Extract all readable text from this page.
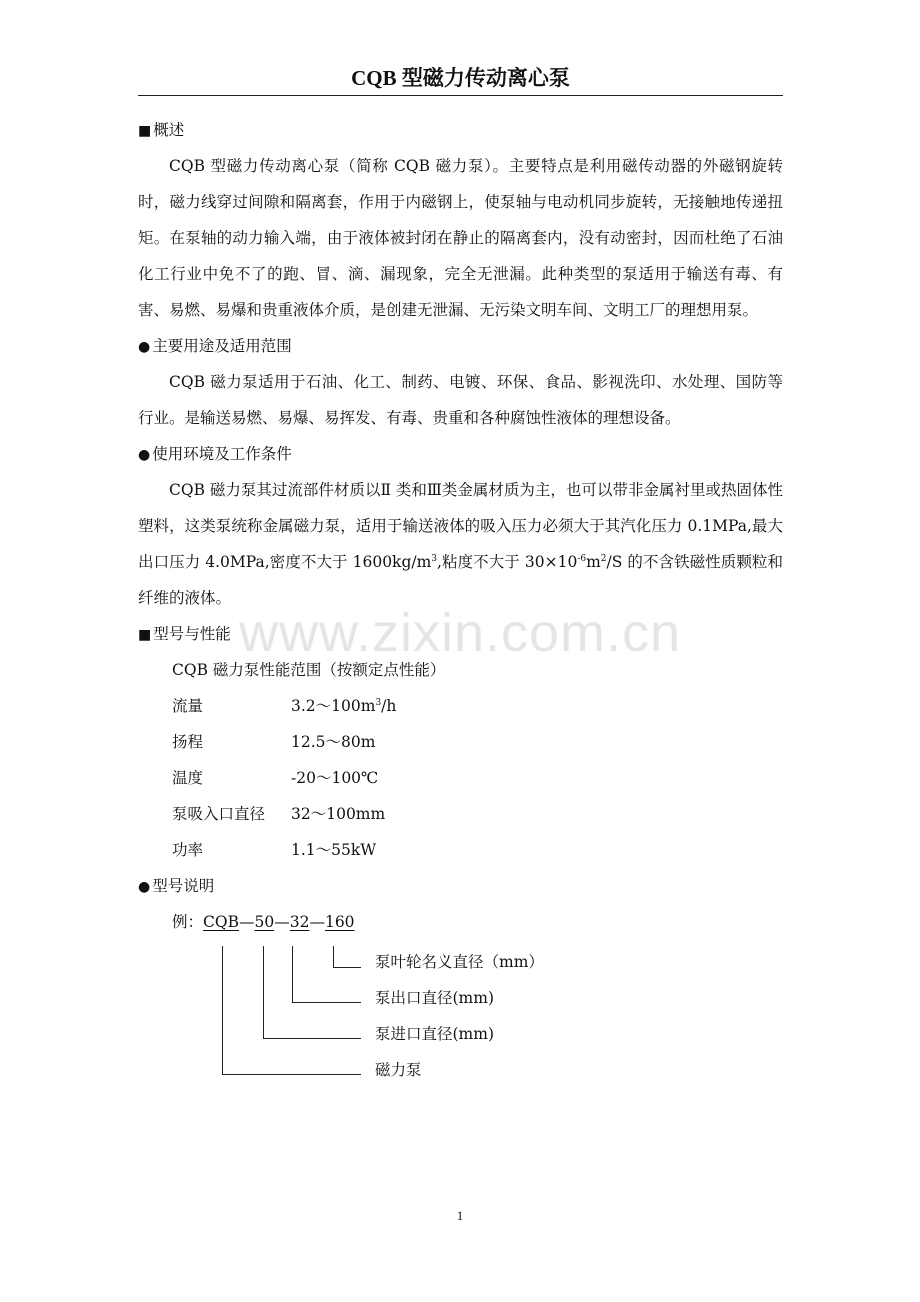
www.zixin.com.cn
CQB 型磁力传动离心泵
■ 概述

CQB 型磁力传动离心泵（简称 CQB 磁力泵）。主要特点是利用磁传动器的外磁钢旋转时，磁力线穿过间隙和隔离套，作用于内磁钢上，使泵轴与电动机同步旋转，无接触地传递扭矩。在泵轴的动力输入端，由于液体被封闭在静止的隔离套内，没有动密封，因而杜绝了石油化工行业中免不了的跑、冒、滴、漏现象，完全无泄漏。此种类型的泵适用于输送有毒、有害、易燃、易爆和贵重液体介质，是创建无泄漏、无污染文明车间、文明工厂的理想用泵。

● 主要用途及适用范围

CQB 磁力泵适用于石油、化工、制药、电镀、环保、食品、影视洗印、水处理、国防等行业。是输送易燃、易爆、易挥发、有毒、贵重和各种腐蚀性液体的理想设备。

● 使用环境及工作条件

CQB 磁力泵其过流部件材质以Ⅱ 类和Ⅲ类金属材质为主，也可以带非金属衬里或热固体性塑料，这类泵统称金属磁力泵，适用于输送液体的吸入压力必须大于其汽化压力 0.1MPa,最大出口压力 4.0MPa,密度不大于 $1600kg/m^3$,粘度不大于 $30\times 10^{-6}m^2/S$ 的不含铁磁性质颗粒和纤维的液体。

■ 型号与性能
CQB 磁力泵性能范围（按额定点性能）
流量	$3.2\sim 100m^3/h$
扬程	12.5～80m
温度	-20～100℃
泵吸入口直径	32～100mm
功率	1.1～55kW
● 型号说明
例：CQB—50—32—160
泵叶轮名义直径（mm）
泵出口直径(mm)
泵进口直径(mm)
磁力泵
1
